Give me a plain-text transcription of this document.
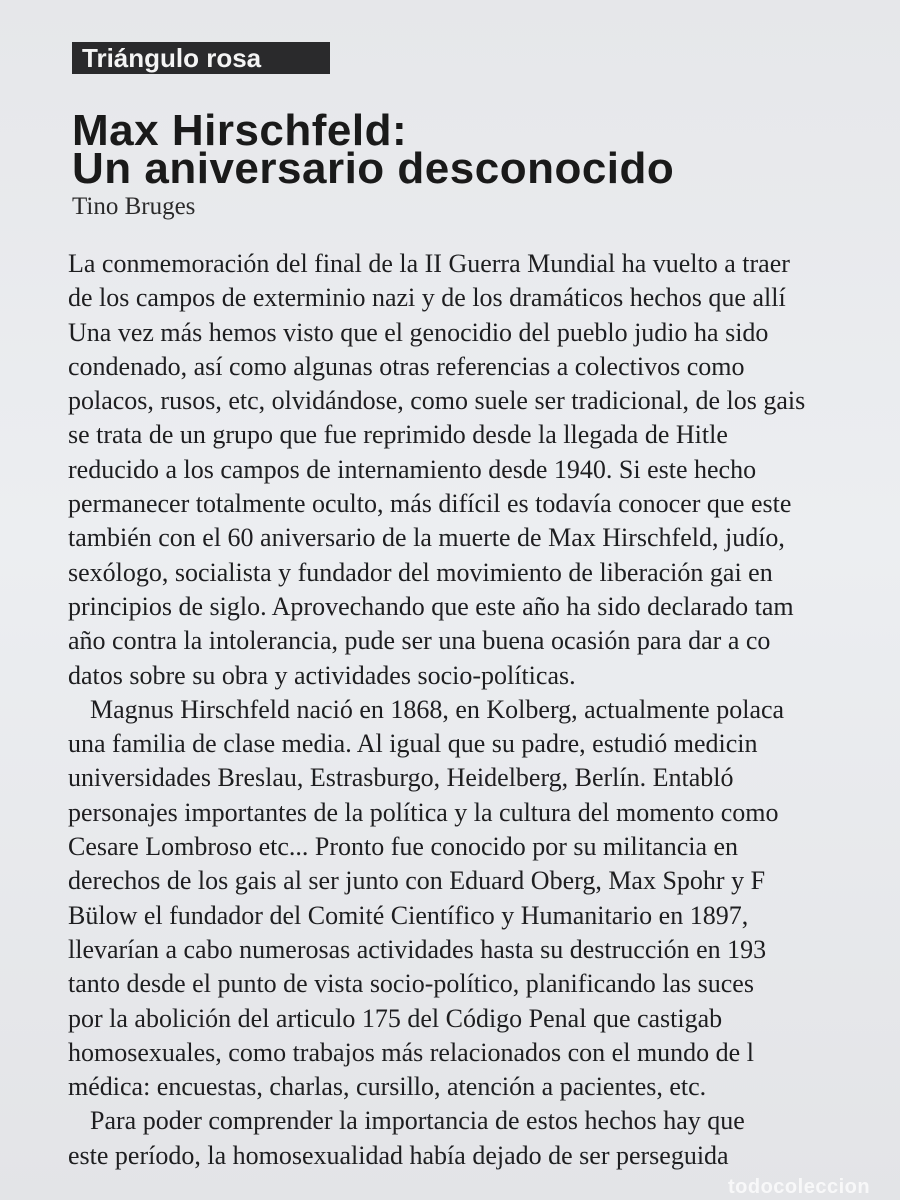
Triángulo rosa
Max Hirschfeld:
Un aniversario desconocido
Tino Bruges
La conmemoración del final de la II Guerra Mundial ha vuelto a traer
de los campos de exterminio nazi y de los dramáticos hechos que allí
Una vez más hemos visto que el genocidio del pueblo judio ha sido
condenado, así como algunas otras referencias a colectivos como
polacos, rusos, etc, olvidándose, como suele ser tradicional, de los gais
se trata de un grupo que fue reprimido desde la llegada de Hitle
reducido a los campos de internamiento desde 1940. Si este hecho
permanecer totalmente oculto, más difícil es todavía conocer que este
también con el 60 aniversario de la muerte de Max Hirschfeld, judío,
sexólogo, socialista y fundador del movimiento de liberación gai en
principios de siglo. Aprovechando que este año ha sido declarado tam
año contra la intolerancia, pude ser una buena ocasión para dar a co
datos sobre su obra y actividades socio-políticas.
Magnus Hirschfeld nació en 1868, en Kolberg, actualmente polaca
una familia de clase media. Al igual que su padre, estudió medicin
universidades Breslau, Estrasburgo, Heidelberg, Berlín. Entabló
personajes importantes de la política y la cultura del momento como
Cesare Lombroso etc... Pronto fue conocido por su militancia en
derechos de los gais al ser junto con Eduard Oberg, Max Spohr y F
Bülow el fundador del Comité Científico y Humanitario en 1897,
llevarían a cabo numerosas actividades hasta su destrucción en 193
tanto desde el punto de vista socio-político, planificando las suces
por la abolición del articulo 175 del Código Penal que castigab
homosexuales, como trabajos más relacionados con el mundo de l
médica: encuestas, charlas, cursillo, atención a pacientes, etc.
Para poder comprender la importancia de estos hechos hay que
este período, la homosexualidad había dejado de ser perseguida
todocoleccion
